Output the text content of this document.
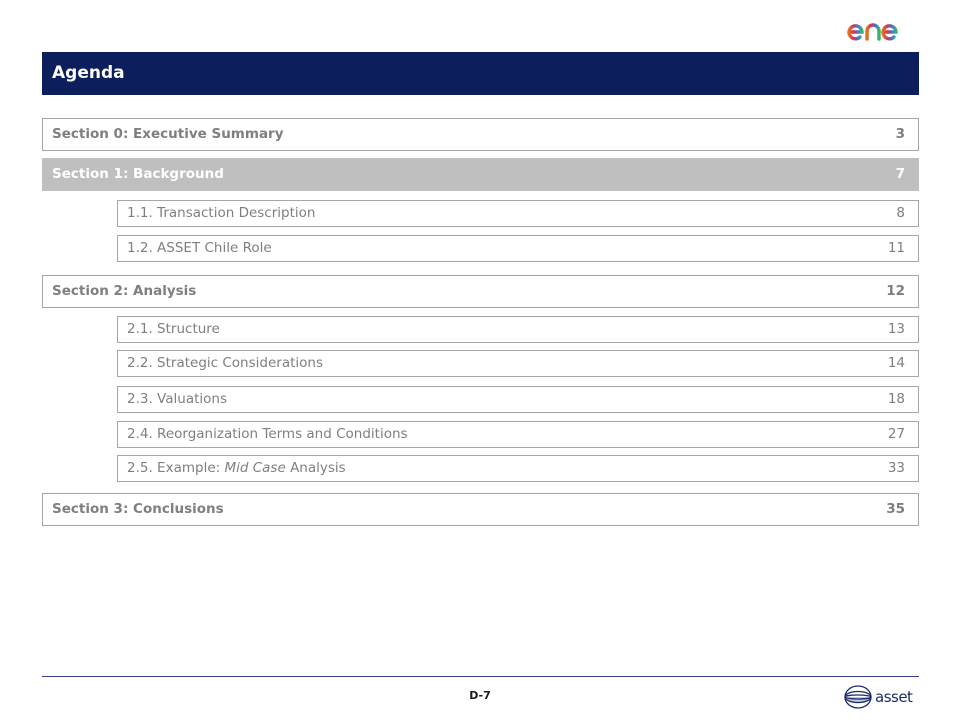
Agenda
Section 0: Executive Summary	3
Section 1: Background	7
1.1. Transaction Description	8
1.2. ASSET Chile Role	11
Section 2: Analysis	12
2.1. Structure	13
2.2. Strategic Considerations	14
2.3. Valuations	18
2.4. Reorganization Terms and Conditions	27
2.5. Example: Mid Case Analysis	33
Section 3: Conclusions	35
D-7	asset
